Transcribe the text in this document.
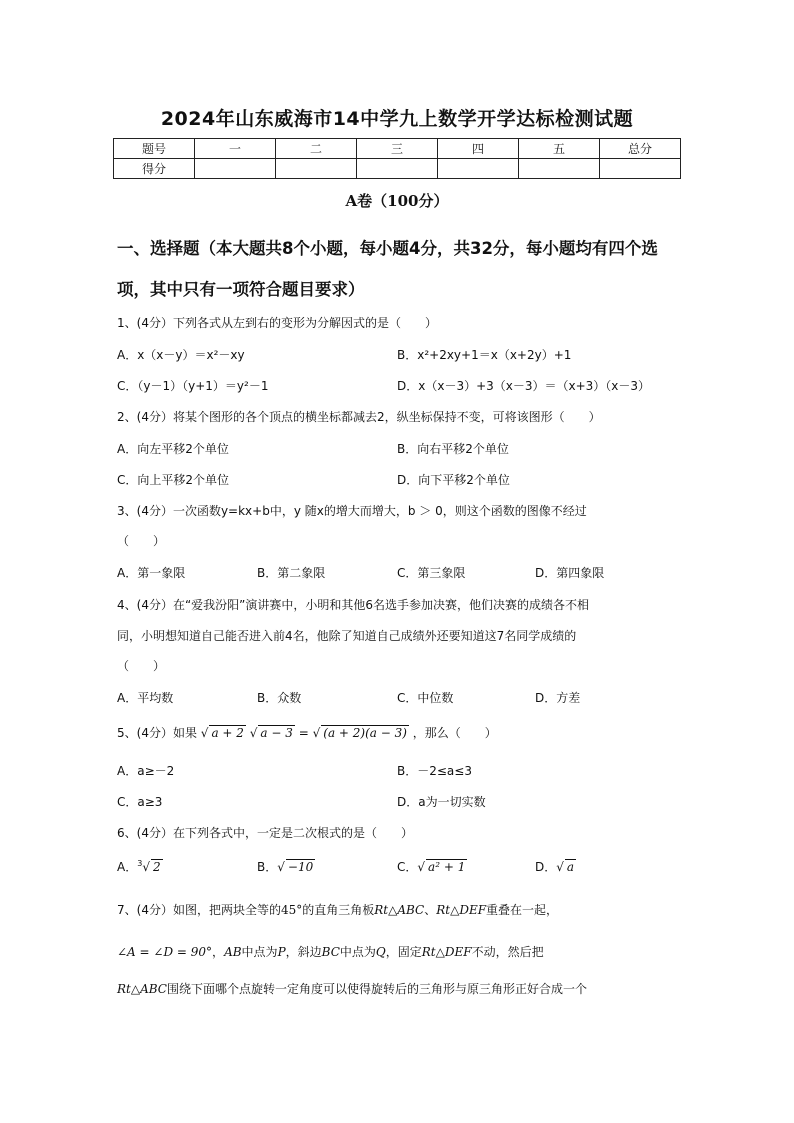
2024年山东威海市14中学九上数学开学达标检测试题
题号	一	二	三	四	五	总分
得分						
A卷（100分）
一、选择题（本大题共8个小题，每小题4分，共32分，每小题均有四个选项，其中只有一项符合题目要求）
1、(4分）下列各式从左到右的变形为分解因式的是（　　）
A．x（x－y）＝x²－xy	B．x²+2xy+1＝x（x+2y）+1
C．（y－1）（y+1）＝y²－1	D．x（x－3）+3（x－3）＝（x+3）（x－3）
2、(4分）将某个图形的各个顶点的横坐标都减去2，纵坐标保持不变，可将该图形（　　）
A．向左平移2个单位	B．向右平移2个单位
C．向上平移2个单位	D．向下平移2个单位
3、(4分）一次函数y=kx+b中，y 随x的增大而增大，b ＞ 0，则这个函数的图像不经过
（　　）
A．第一象限	B．第二象限	C．第三象限	D．第四象限
4、(4分）在“爱我汾阳”演讲赛中，小明和其他6名选手参加决赛，他们决赛的成绩各不相
同，小明想知道自己能否进入前4名，他除了知道自己成绩外还要知道这7名同学成绩的
（　　）
A．平均数	B．众数	C．中位数	D．方差
5、(4分）如果 √ a + 2 √ a − 3 = √ (a + 2)(a − 3) ，那么（　　）
A．a≥－2	B．－2≤a≤3
C．a≥3	D．a为一切实数
6、(4分）在下列各式中，一定是二次根式的是（　　）
A．$^3$√ 2	B．√ −10	C．√ a² + 1	D．√ a
7、(4分）如图，把两块全等的45°的直角三角板Rt△ABC、Rt△DEF重叠在一起，
∠A = ∠D = 90°，AB中点为P，斜边BC中点为Q，固定Rt△DEF不动，然后把
Rt△ABC围绕下面哪个点旋转一定角度可以使得旋转后的三角形与原三角形正好合成一个
